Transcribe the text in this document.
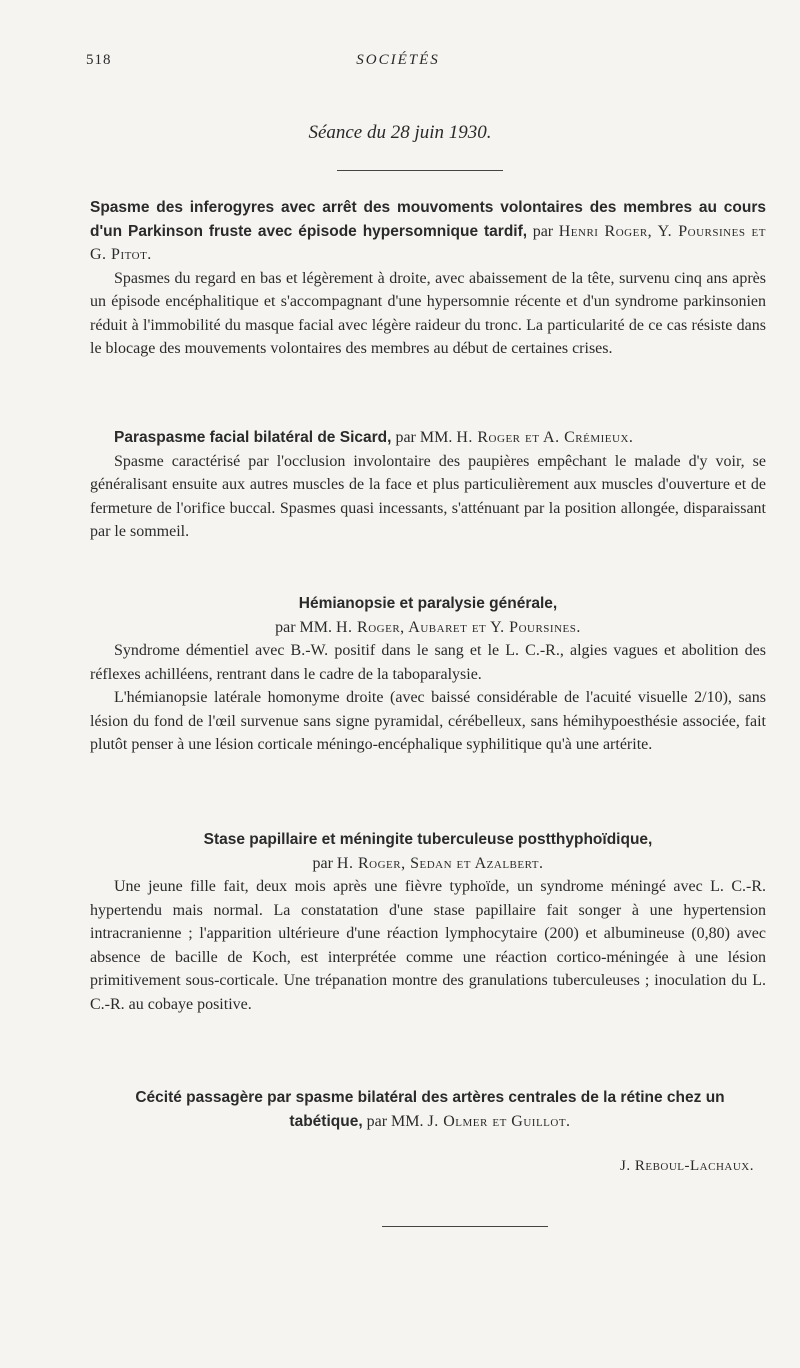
518	SOCIÉTÉS
Séance du 28 juin 1930.

Spasme des inferogyres avec arrêt des mouvoments volontaires des membres au cours d'un Parkinson fruste avec épisode hypersomnique tardif, par Henri Roger, Y. Poursines et G. Pitot.

Spasmes du regard en bas et légèrement à droite, avec abaissement de la tête, survenu cinq ans après un épisode encéphalitique et s'accompagnant d'une hypersomnie récente et d'un syndrome parkinsonien réduit à l'immobilité du masque facial avec légère raideur du tronc. La particularité de ce cas résiste dans le blocage des mouvements volontaires des membres au début de certaines crises.

Paraspasme facial bilatéral de Sicard, par MM. H. Roger et A. Crémieux.

Spasme caractérisé par l'occlusion involontaire des paupières empêchant le malade d'y voir, se généralisant ensuite aux autres muscles de la face et plus particulièrement aux muscles d'ouverture et de fermeture de l'orifice buccal. Spasmes quasi incessants, s'atténuant par la position allongée, disparaissant par le sommeil.

Hémianopsie et paralysie générale,

par MM. H. Roger, Aubaret et Y. Poursines.

Syndrome démentiel avec B.-W. positif dans le sang et le L. C.-R., algies vagues et abolition des réflexes achilléens, rentrant dans le cadre de la taboparalysie.

L'hémianopsie latérale homonyme droite (avec baissé considérable de l'acuité visuelle 2/10), sans lésion du fond de l'œil survenue sans signe pyramidal, cérébelleux, sans hémihypoesthésie associée, fait plutôt penser à une lésion corticale méningo-encéphalique syphilitique qu'à une artérite.

Stase papillaire et méningite tuberculeuse postthyphoïdique,

par H. Roger, Sedan et Azalbert.

Une jeune fille fait, deux mois après une fièvre typhoïde, un syndrome méningé avec L. C.-R. hypertendu mais normal. La constatation d'une stase papillaire fait songer à une hypertension intracranienne ; l'apparition ultérieure d'une réaction lymphocytaire (200) et albumineuse (0,80) avec absence de bacille de Koch, est interprétée comme une réaction cortico-méningée à une lésion primitivement sous-corticale. Une trépanation montre des granulations tuberculeuses ; inoculation du L. C.-R. au cobaye positive.

Cécité passagère par spasme bilatéral des artères centrales de la rétine chez un tabétique, par MM. J. Olmer et Guillot.

J. Reboul-Lachaux.
